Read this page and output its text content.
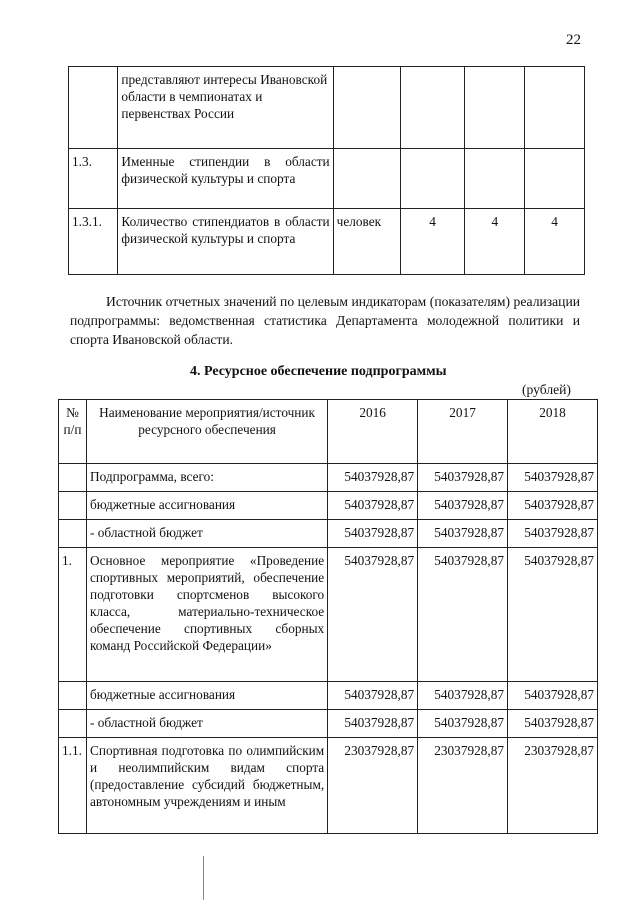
22
	представляют интересы Ивановской области в чемпионатах и первенствах России				
1.3.	Именные стипендии в области физической культуры и спорта				
1.3.1.	Количество стипендиатов в области физической культуры и спорта	человек	4	4	4
Источник отчетных значений по целевым индикаторам (показателям) реализации подпрограммы: ведомственная статистика Департамента молодежной политики и спорта Ивановской области.
4. Ресурсное обеспечение подпрограммы
(рублей)
№ п/п	Наименование мероприятия/источник ресурсного обеспечения	2016	2017	2018
	Подпрограмма, всего:	54037928,87	54037928,87	54037928,87
	бюджетные ассигнования	54037928,87	54037928,87	54037928,87
	- областной бюджет	54037928,87	54037928,87	54037928,87
1.	Основное мероприятие «Проведение спортивных мероприятий, обеспечение подготовки спортсменов высокого класса, материально-техническое обеспечение спортивных сборных команд Российской Федерации»	54037928,87	54037928,87	54037928,87
	бюджетные ассигнования	54037928,87	54037928,87	54037928,87
	- областной бюджет	54037928,87	54037928,87	54037928,87
1.1.	Спортивная подготовка по олимпийским и неолимпийским видам спорта (предоставление субсидий бюджетным, автономным учреждениям и иным	23037928,87	23037928,87	23037928,87
